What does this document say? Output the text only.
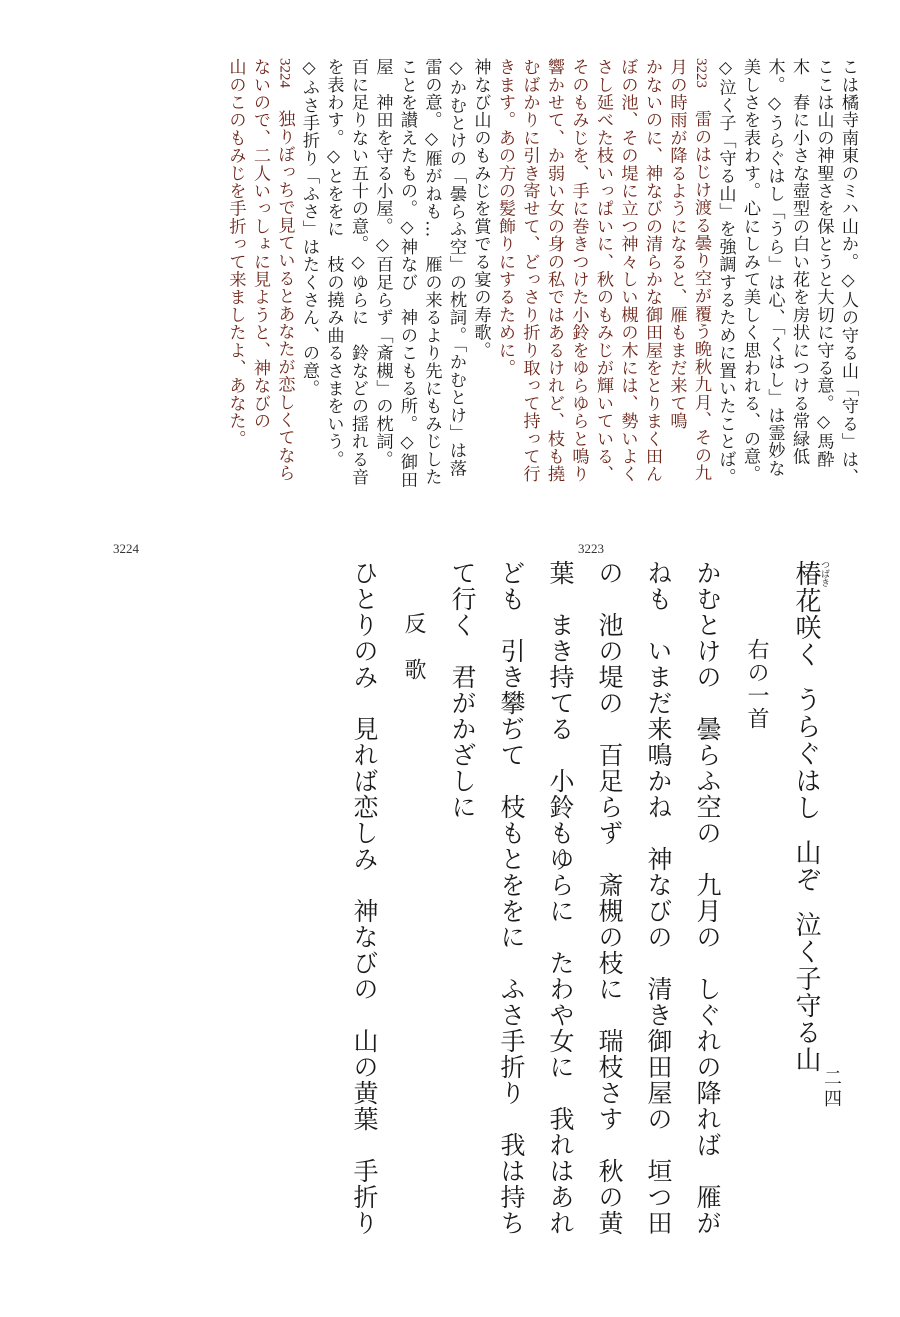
こは橘寺南東のミハ山か。◇人の守る山「守る」は、
ここは山の神聖さを保とうと大切に守る意。◇馬酔
木　春に小さな壺型の白い花を房状につける常緑低
木。◇うらぐはし「うら」は心、「くはし」は霊妙な
美しさを表わす。心にしみて美しく思われる、の意。
◇泣く子「守る山」を強調するために置いたことば。
3223雷のはじけ渡る曇り空が覆う晩秋九月、その九
月の時雨が降るようになると、雁もまだ来て鳴
かないのに、神なびの清らかな御田屋をとりまく田ん
ぼの池、その堤に立つ神々しい槻の木には、勢いよく
さし延べた枝いっぱいに、秋のもみじが輝いている、
そのもみじを、手に巻きつけた小鈴をゆらゆらと鳴り
響かせて、か弱い女の身の私ではあるけれど、枝も撓
むばかりに引き寄せて、どっさり折り取って持って行
きます。あの方の髪飾りにするために。
神なび山のもみじを賞でる宴の寿歌。
◇かむとけの「曇らふ空」の枕詞。「かむとけ」は落
雷の意。◇雁がねも…　雁の来るより先にもみじした
ことを讃えたもの。◇神なび　神のこもる所。◇御田
屋　神田を守る小屋。◇百足らず「斎槻」の枕詞。
百に足りない五十の意。◇ゆらに　鈴などの揺れる音
を表わす。◇とををに　枝の撓み曲るさまをいう。
◇ふさ手折り「ふさ」はたくさん、の意。
3224独りぼっちで見ているとあなたが恋しくてなら
ないので、二人いっしょに見ようと、神なびの
山のこのもみじを手折って来ましたよ、あなた。
椿つばき花咲くうらぐはし山ぞ泣く子守る山
右の一首
かむとけの　曇らふ空の　九月の　しぐれの降れば　雁が
ねも　いまだ来鳴かね　神なびの　清き御田屋の　垣つ田
の　池の堤の　百足らず　斎槻の枝に　瑞枝さす　秋の黄
葉　まき持てる　小鈴もゆらに　たわや女に　我れはあれ
ども　引き攀ぢて　枝もとををに　ふさ手折り　我は持ち
て行く　君がかざしに
反　歌
ひとりのみ　見れば恋しみ　神なびの　山の黄葉　手折り
3223
3224
二四
